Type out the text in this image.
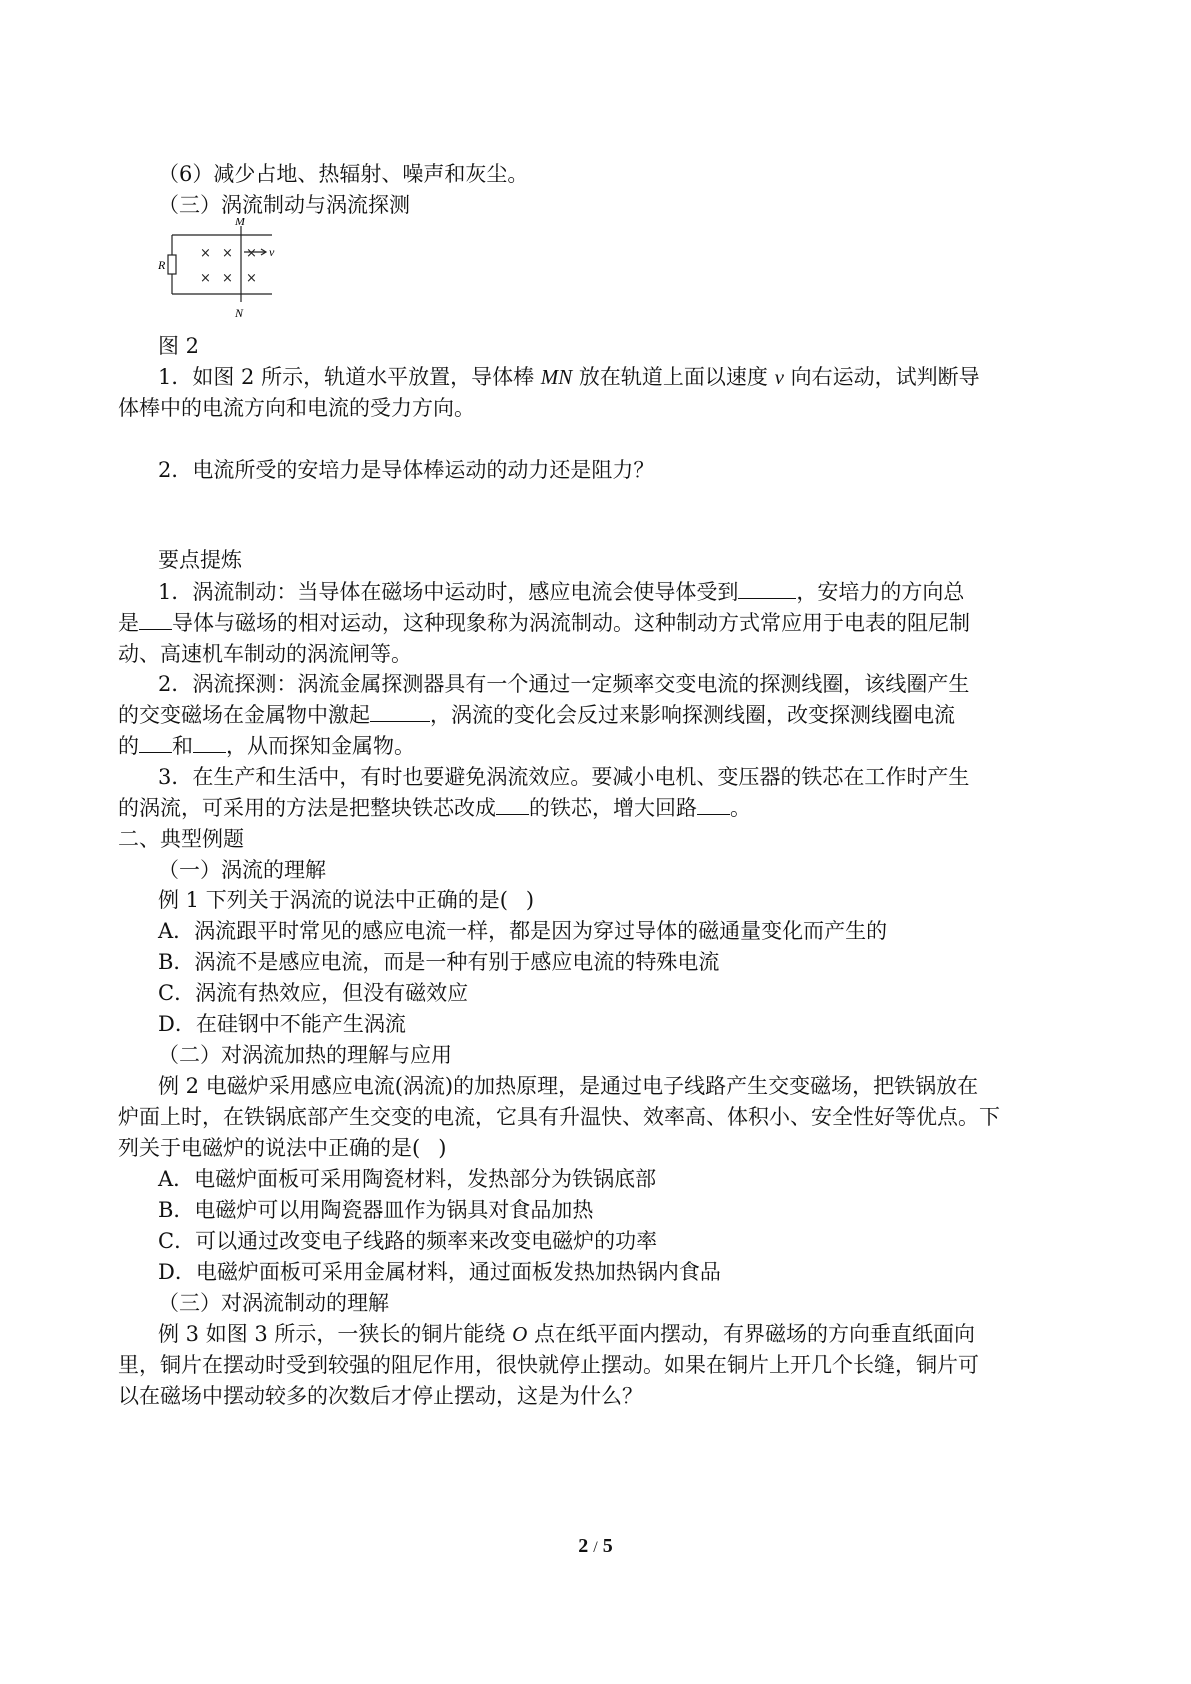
（6）减少占地、热辐射、噪声和灰尘。
（三）涡流制动与涡流探测
M
N
R
v
× × ×
× × ×
图 2
1．如图 2 所示，轨道水平放置，导体棒 MN 放在轨道上面以速度 v 向右运动，试判断导
体棒中的电流方向和电流的受力方向。
2．电流所受的安培力是导体棒运动的动力还是阻力？
要点提炼
1．涡流制动：当导体在磁场中运动时，感应电流会使导体受到	，安培力的方向总
是 导体与磁场的相对运动，这种现象称为涡流制动。这种制动方式常应用于电表的阻尼制
动、高速机车制动的涡流闸等。
2．涡流探测：涡流金属探测器具有一个通过一定频率交变电流的探测线圈，该线圈产生
的交变磁场在金属物中激起	，涡流的变化会反过来影响探测线圈，改变探测线圈电流
的 和 ，从而探知金属物。
3．在生产和生活中，有时也要避免涡流效应。要减小电机、变压器的铁芯在工作时产生
的涡流，可采用的方法是把整块铁芯改成 的铁芯，增大回路 。
二、典型例题
（一）涡流的理解
例 1 下列关于涡流的说法中正确的是( )
A．涡流跟平时常见的感应电流一样，都是因为穿过导体的磁通量变化而产生的
B．涡流不是感应电流，而是一种有别于感应电流的特殊电流
C．涡流有热效应，但没有磁效应
D．在硅钢中不能产生涡流
（二）对涡流加热的理解与应用
例 2 电磁炉采用感应电流(涡流)的加热原理，是通过电子线路产生交变磁场，把铁锅放在
炉面上时，在铁锅底部产生交变的电流，它具有升温快、效率高、体积小、安全性好等优点。下
列关于电磁炉的说法中正确的是( )
A．电磁炉面板可采用陶瓷材料，发热部分为铁锅底部
B．电磁炉可以用陶瓷器皿作为锅具对食品加热
C．可以通过改变电子线路的频率来改变电磁炉的功率
D．电磁炉面板可采用金属材料，通过面板发热加热锅内食品
（三）对涡流制动的理解
例 3 如图 3 所示，一狭长的铜片能绕 O 点在纸平面内摆动，有界磁场的方向垂直纸面向
里，铜片在摆动时受到较强的阻尼作用，很快就停止摆动。如果在铜片上开几个长缝，铜片可
以在磁场中摆动较多的次数后才停止摆动，这是为什么？
2 / 5
